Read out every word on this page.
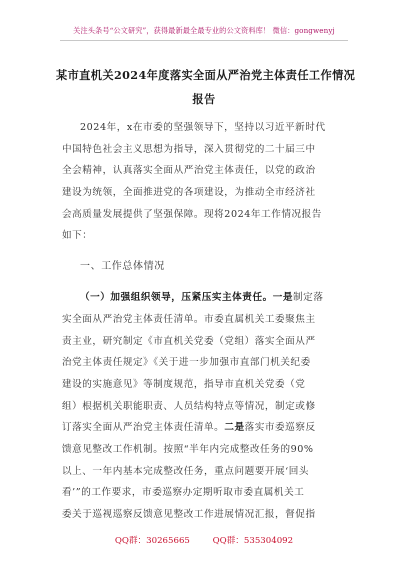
关注头条号“公文研究”，获得最新最全最专业的公文资料库！ 微信：gongwenyj
某市直机关2024年度落实全面从严治党主体责任工作情况
报告
2024年，x在市委的坚强领导下，坚持以习近平新时代
中国特色社会主义思想为指导，深入贯彻党的二十届三中
全会精神，认真落实全面从严治党主体责任，以党的政治
建设为统领，全面推进党的各项建设，为推动全市经济社
会高质量发展提供了坚强保障。现将2024年工作情况报告
如下：
一、工作总体情况
（一）加强组织领导，压紧压实主体责任。一是制定落
实全面从严治党主体责任清单。市委直属机关工委聚焦主
责主业，研究制定《市直机关党委（党组）落实全面从严
治党主体责任规定》《关于进一步加强市直部门机关纪委
建设的实施意见》等制度规范，指导市直机关党委（党
组）根据机关职能职责、人员结构特点等情况，制定或修
订落实全面从严治党主体责任清单。二是落实市委巡察反
馈意见整改工作机制。按照“半年内完成整改任务的90%
以上、一年内基本完成整改任务，重点问题要开展‘回头
看’”的工作要求，市委巡察办定期听取市委直属机关工
委关于巡视巡察反馈意见整改工作进展情况汇报，督促指
QQ群：30265665	QQ群：535304092
